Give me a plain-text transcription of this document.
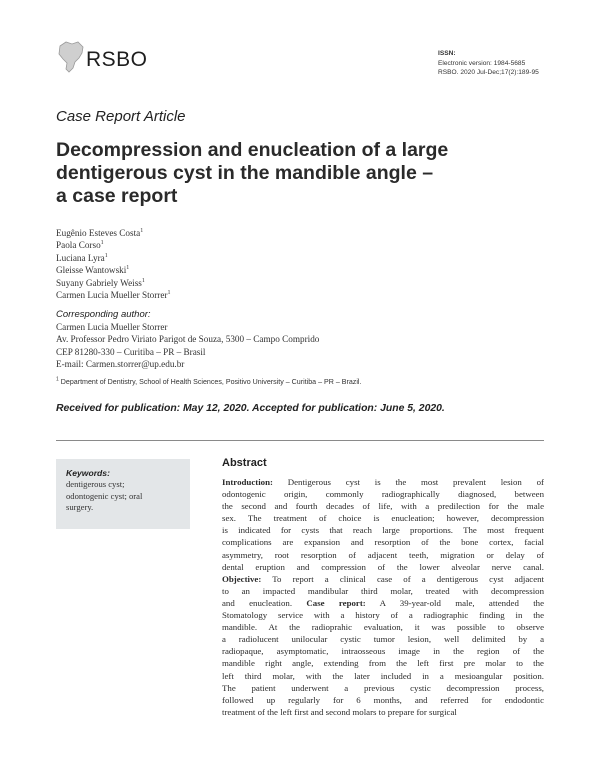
RSBO	ISSN:
Electronic version: 1984-5685
RSBO. 2020 Jul-Dec;17(2):189-95
Case Report Article
Decompression and enucleation of a large
dentigerous cyst in the mandible angle –
a case report
Eugênio Esteves Costa$^1$
Paola Corso$^1$
Luciana Lyra$^1$
Gleisse Wantowski$^1$
Suyany Gabriely Weiss$^1$
Carmen Lucia Mueller Storrer$^1$
Corresponding author:
Carmen Lucia Mueller Storrer
Av. Professor Pedro Viriato Parigot de Souza, 5300 – Campo Comprido
CEP 81280-330 – Curitiba – PR – Brasil
E-mail: Carmen.storrer@up.edu.br
$^1$ Department of Dentistry, School of Health Sciences, Positivo University – Curitiba – PR – Brazil.
Received for publication: May 12, 2020. Accepted for publication: June 5, 2020.
Keywords:
dentigerous cyst;
odontogenic cyst; oral
surgery.
Abstract
Introduction: Dentigerous cyst is the most prevalent lesion of
odontogenic origin, commonly radiographically diagnosed, between
the second and fourth decades of life, with a predilection for the male
sex. The treatment of choice is enucleation; however, decompression
is indicated for cysts that reach large proportions. The most frequent
complications are expansion and resorption of the bone cortex, facial
asymmetry, root resorption of adjacent teeth, migration or delay of
dental eruption and compression of the lower alveolar nerve canal.
Objective: To report a clinical case of a dentigerous cyst adjacent
to an impacted mandibular third molar, treated with decompression
and enucleation. Case report: A 39-year-old male, attended the
Stomatology service with a history of a radiographic finding in the
mandible. At the radioprahic evaluation, it was possible to observe
a radiolucent unilocular cystic tumor lesion, well delimited by a
radiopaque, asymptomatic, intraosseous image in the region of the
mandible right angle, extending from the left first pre molar to the
left third molar, with the later included in a mesioangular position.
The patient underwent a previous cystic decompression process,
followed up regularly for 6 months, and referred for endodontic
treatment of the left first and second molars to prepare for surgical
